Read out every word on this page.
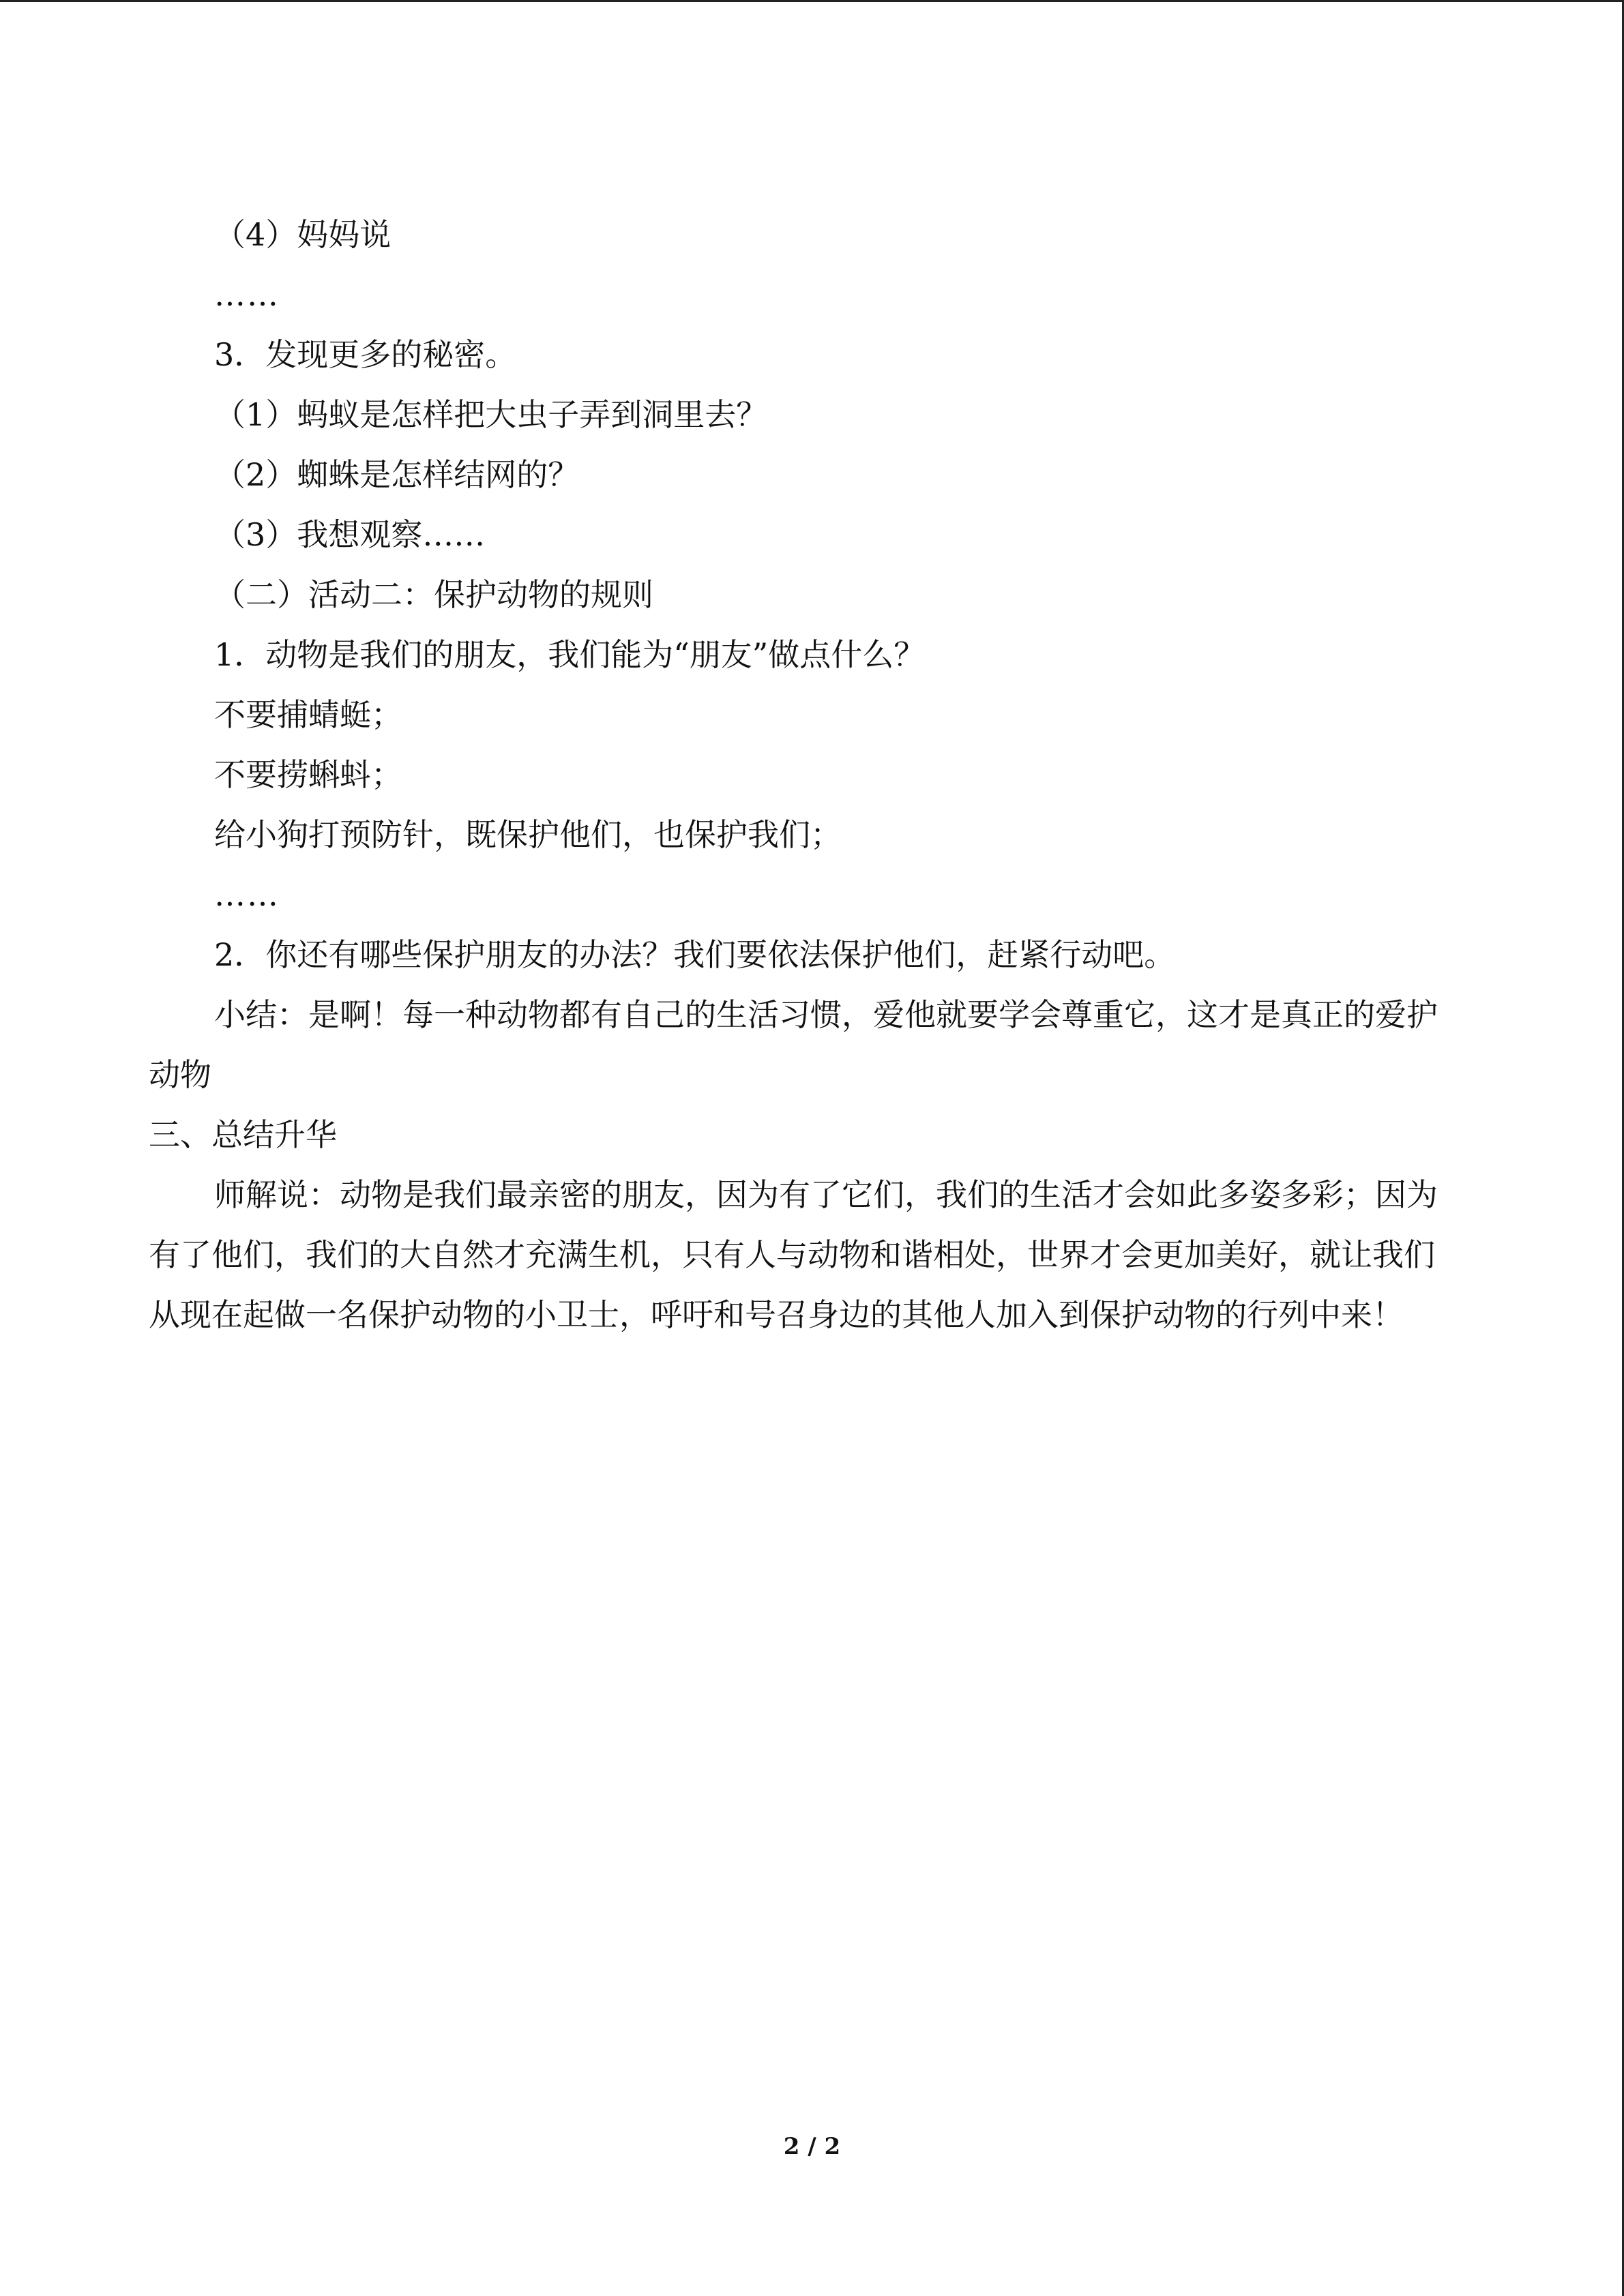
（4）妈妈说
……
3．发现更多的秘密。
（1）蚂蚁是怎样把大虫子弄到洞里去？
（2）蜘蛛是怎样结网的？
（3）我想观察……
（二）活动二：保护动物的规则
1．动物是我们的朋友，我们能为“朋友”做点什么？
不要捕蜻蜓；
不要捞蝌蚪；
给小狗打预防针，既保护他们，也保护我们；
……
2．你还有哪些保护朋友的办法？我们要依法保护他们，赶紧行动吧。
小结：是啊！每一种动物都有自己的生活习惯，爱他就要学会尊重它，这才是真正的爱护动物
三、总结升华
师解说：动物是我们最亲密的朋友，因为有了它们，我们的生活才会如此多姿多彩；因为有了他们，我们的大自然才充满生机，只有人与动物和谐相处，世界才会更加美好，就让我们从现在起做一名保护动物的小卫士，呼吁和号召身边的其他人加入到保护动物的行列中来！
2 / 2
